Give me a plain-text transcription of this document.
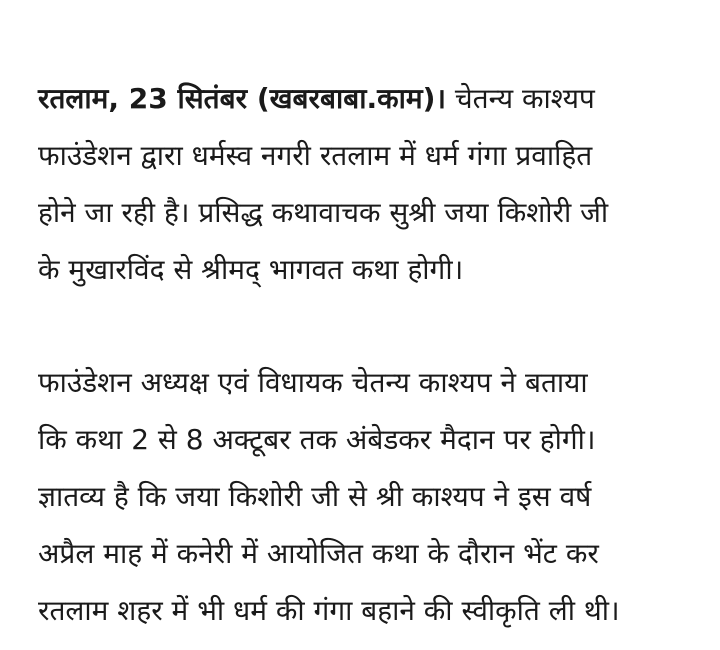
रतलाम, 23 सितंबर (खबरबाबा.काम)। चेतन्य काश्यप
फाउंडेशन द्वारा धर्मस्व नगरी रतलाम में धर्म गंगा प्रवाहित
होने जा रही है। प्रसिद्ध कथावाचक सुश्री जया किशोरी जी
के मुखारविंद से श्रीमद् भागवत कथा होगी।

फाउंडेशन अध्यक्ष एवं विधायक चेतन्य काश्यप ने बताया
कि कथा 2 से 8 अक्टूबर तक अंबेडकर मैदान पर होगी।
ज्ञातव्य है कि जया किशोरी जी से श्री काश्यप ने इस वर्ष
अप्रैल माह में कनेरी में आयोजित कथा के दौरान भेंट कर
रतलाम शहर में भी धर्म की गंगा बहाने की स्वीकृति ली थी।
